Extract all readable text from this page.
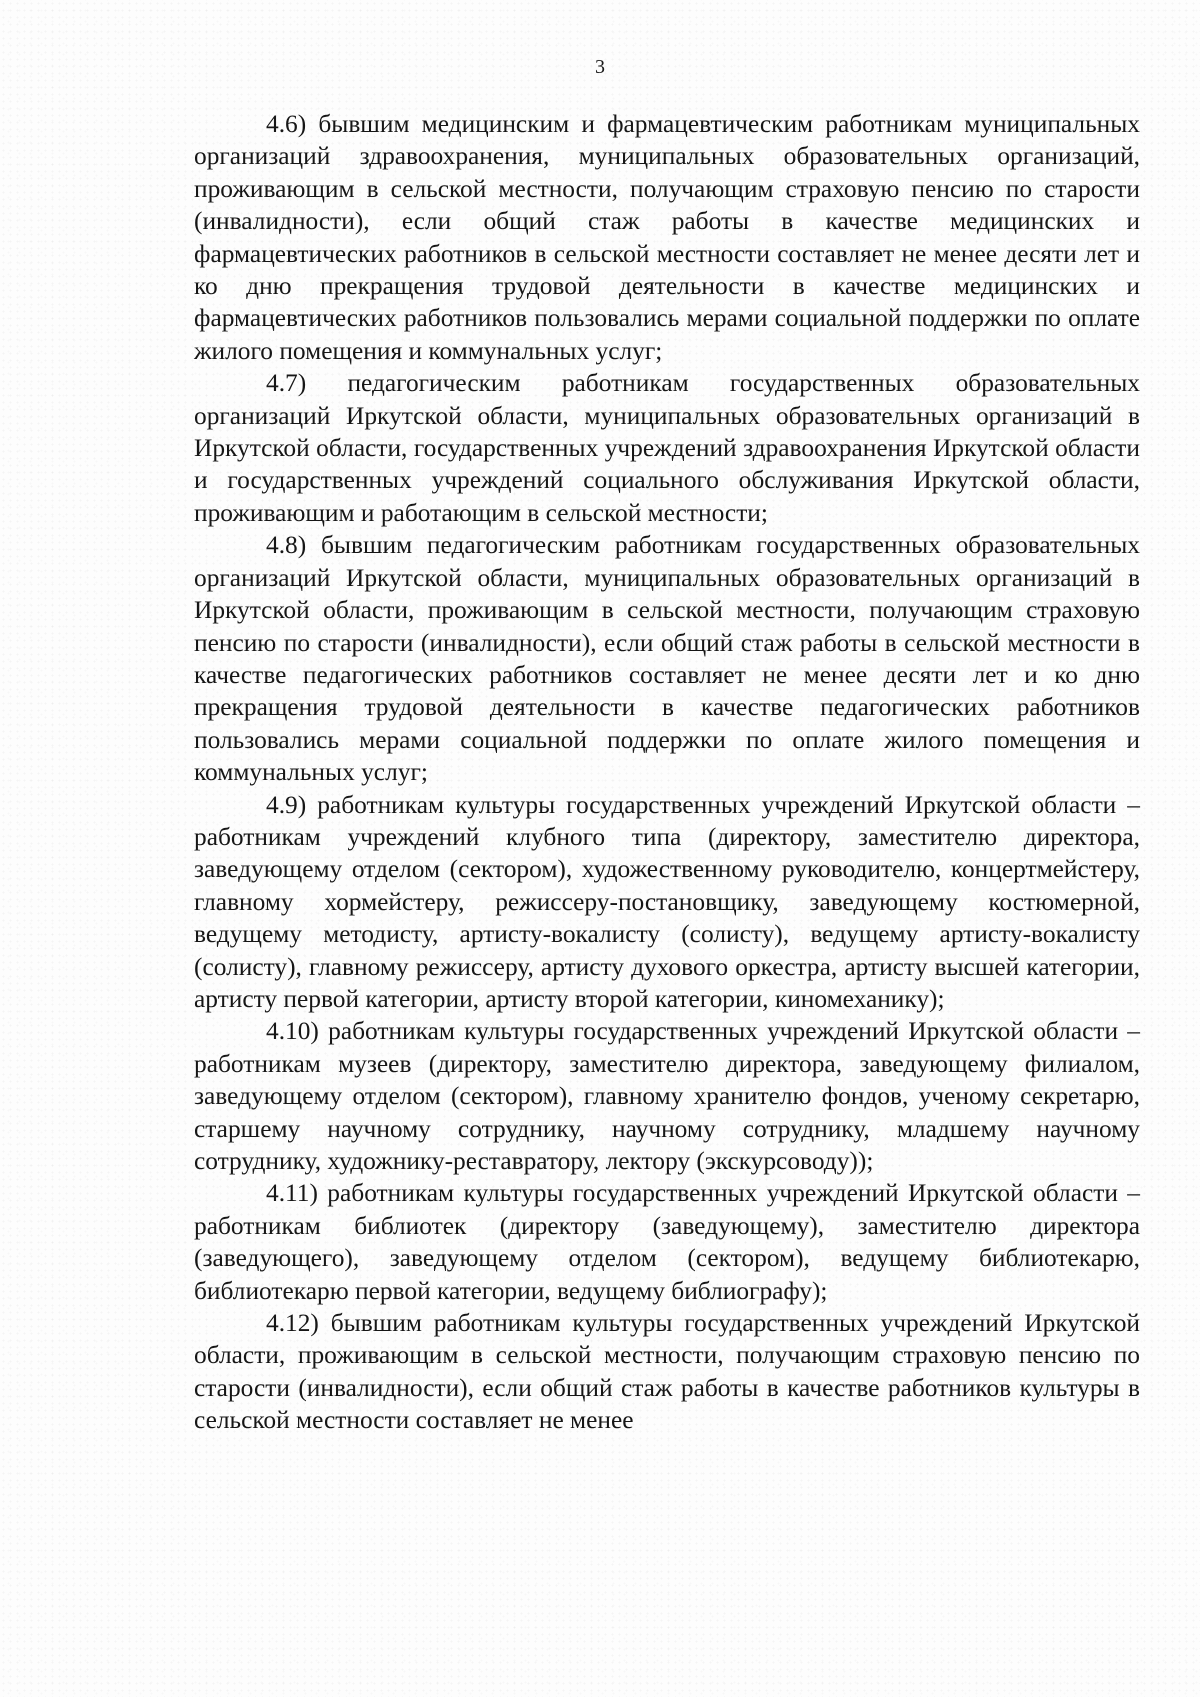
3

4.6) бывшим медицинским и фармацевтическим работникам муниципальных организаций здравоохранения, муниципальных образовательных организаций, проживающим в сельской местности, получающим страховую пенсию по старости (инвалидности), если общий стаж работы в качестве медицинских и фармацевтических работников в сельской местности составляет не менее десяти лет и ко дню прекращения трудовой деятельности в качестве медицинских и фармацевтических работников пользовались мерами социальной поддержки по оплате жилого помещения и коммунальных услуг;

4.7) педагогическим работникам государственных образовательных организаций Иркутской области, муниципальных образовательных организаций в Иркутской области, государственных учреждений здравоохранения Иркутской области и государственных учреждений социального обслуживания Иркутской области, проживающим и работающим в сельской местности;

4.8) бывшим педагогическим работникам государственных образовательных организаций Иркутской области, муниципальных образовательных организаций в Иркутской области, проживающим в сельской местности, получающим страховую пенсию по старости (инвалидности), если общий стаж работы в сельской местности в качестве педагогических работников составляет не менее десяти лет и ко дню прекращения трудовой деятельности в качестве педагогических работников пользовались мерами социальной поддержки по оплате жилого помещения и коммунальных услуг;

4.9) работникам культуры государственных учреждений Иркутской области – работникам учреждений клубного типа (директору, заместителю директора, заведующему отделом (сектором), художественному руководителю, концертмейстеру, главному хормейстеру, режиссеру-постановщику, заведующему костюмерной, ведущему методисту, артисту-вокалисту (солисту), ведущему артисту-вокалисту (солисту), главному режиссеру, артисту духового оркестра, артисту высшей категории, артисту первой категории, артисту второй категории, киномеханику);

4.10) работникам культуры государственных учреждений Иркутской области – работникам музеев (директору, заместителю директора, заведующему филиалом, заведующему отделом (сектором), главному хранителю фондов, ученому секретарю, старшему научному сотруднику, научному сотруднику, младшему научному сотруднику, художнику-реставратору, лектору (экскурсоводу));

4.11) работникам культуры государственных учреждений Иркутской области – работникам библиотек (директору (заведующему), заместителю директора (заведующего), заведующему отделом (сектором), ведущему библиотекарю, библиотекарю первой категории, ведущему библиографу);

4.12) бывшим работникам культуры государственных учреждений Иркутской области, проживающим в сельской местности, получающим страховую пенсию по старости (инвалидности), если общий стаж работы в качестве работников культуры в сельской местности составляет не менее
